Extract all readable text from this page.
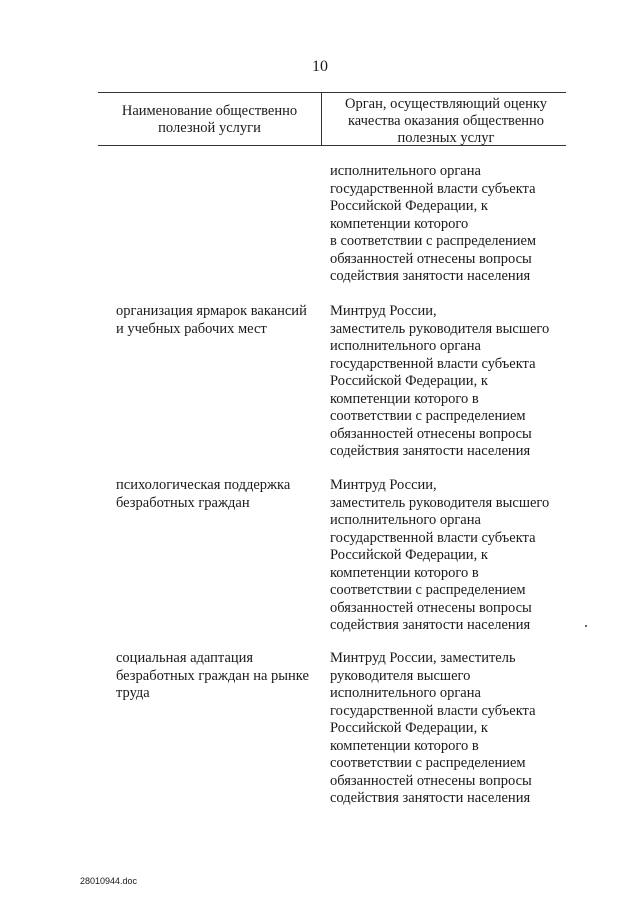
10
Наименование общественно
полезной услуги
Орган, осуществляющий оценку
качества оказания общественно
полезных услуг
исполнительного органа
государственной власти субъекта
Российской Федерации, к
компетенции которого
в соответствии с распределением
обязанностей отнесены вопросы
содействия занятости населения
организация ярмарок вакансий
и учебных рабочих мест
Минтруд России,
заместитель руководителя высшего
исполнительного органа
государственной власти субъекта
Российской Федерации, к
компетенции которого в
соответствии с распределением
обязанностей отнесены вопросы
содействия занятости населения
психологическая поддержка
безработных граждан
Минтруд России,
заместитель руководителя высшего
исполнительного органа
государственной власти субъекта
Российской Федерации, к
компетенции которого в
соответствии с распределением
обязанностей отнесены вопросы
содействия занятости населения
социальная адаптация
безработных граждан на рынке
труда
Минтруд России, заместитель
руководителя высшего
исполнительного органа
государственной власти субъекта
Российской Федерации, к
компетенции которого в
соответствии с распределением
обязанностей отнесены вопросы
содействия занятости населения
28010944.doc
